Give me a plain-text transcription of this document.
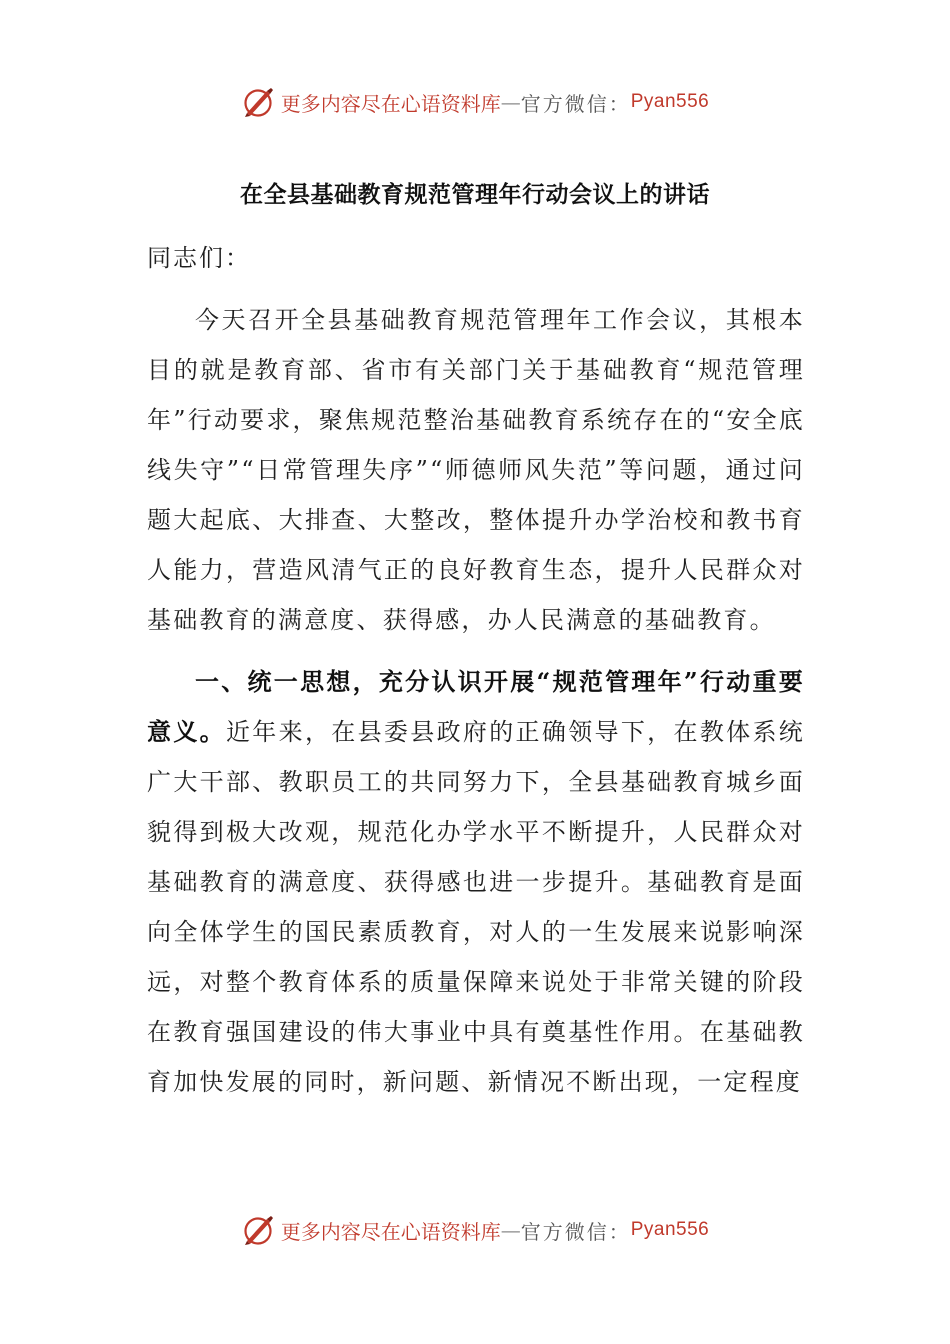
更多内容尽在心语资料库 — 官方微信： Pyan556
在全县基础教育规范管理年行动会议上的讲话

同志们：

今天召开全县基础教育规范管理年工作会议，其根本目的就是教育部、省市有关部门关于基础教育“规范管理年”行动要求，聚焦规范整治基础教育系统存在的“安全底线失守”“日常管理失序”“师德师风失范”等问题，通过问题大起底、大排查、大整改，整体提升办学治校和教书育人能力，营造风清气正的良好教育生态，提升人民群众对基础教育的满意度、获得感，办人民满意的基础教育。

一、统一思想，充分认识开展“规范管理年”行动重要意义。近年来，在县委县政府的正确领导下，在教体系统广大干部、教职员工的共同努力下，全县基础教育城乡面貌得到极大改观，规范化办学水平不断提升，人民群众对基础教育的满意度、获得感也进一步提升。基础教育是面向全体学生的国民素质教育，对人的一生发展来说影响深远，对整个教育体系的质量保障来说处于非常关键的阶段在教育强国建设的伟大事业中具有奠基性作用。在基础教育加快发展的同时，新问题、新情况不断出现，一定程度

更多内容尽在心语资料库 — 官方微信： Pyan556
